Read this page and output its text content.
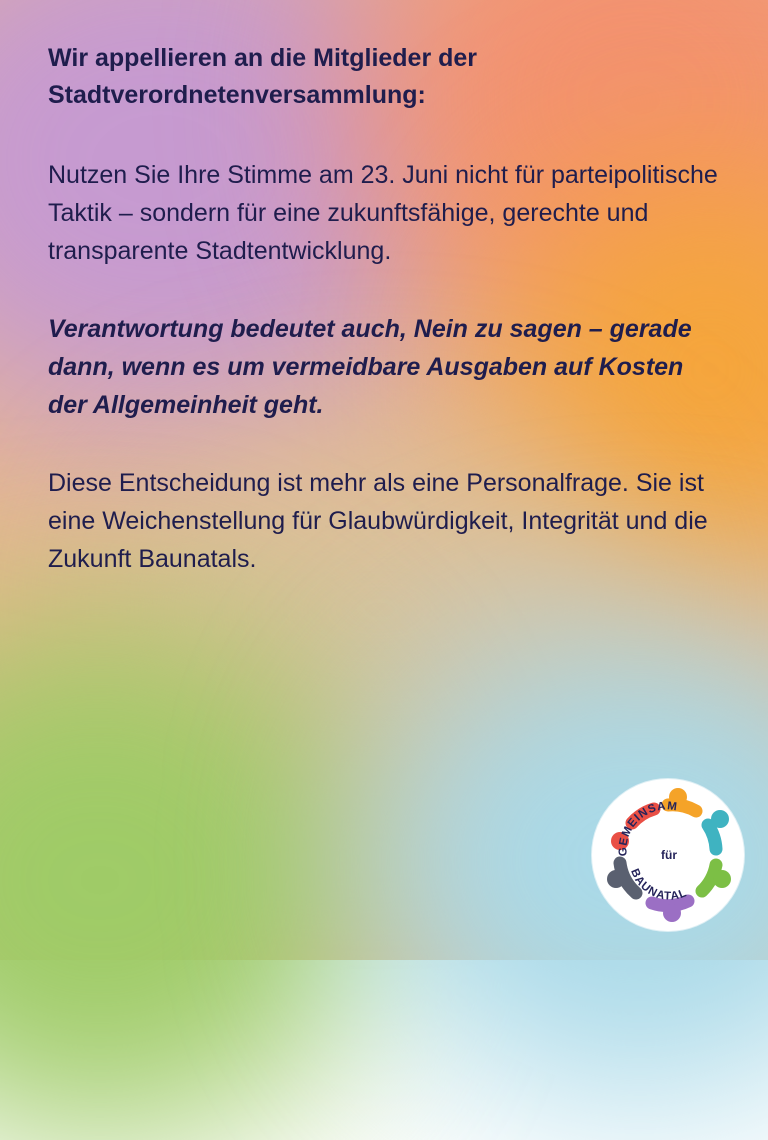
Wir appellieren an die Mitglieder der Stadtverordnetenversammlung:

Nutzen Sie Ihre Stimme am 23. Juni nicht für parteipolitische Taktik – sondern für eine zukunftsfähige, gerechte und transparente Stadtentwicklung.

Verantwortung bedeutet auch, Nein zu sagen – gerade dann, wenn es um vermeidbare Ausgaben auf Kosten der Allgemeinheit geht.

Diese Entscheidung ist mehr als eine Personalfrage. Sie ist eine Weichenstellung für Glaubwürdigkeit, Integrität und die Zukunft Baunatals.

GEMEINSAM
für
BAUNATAL
